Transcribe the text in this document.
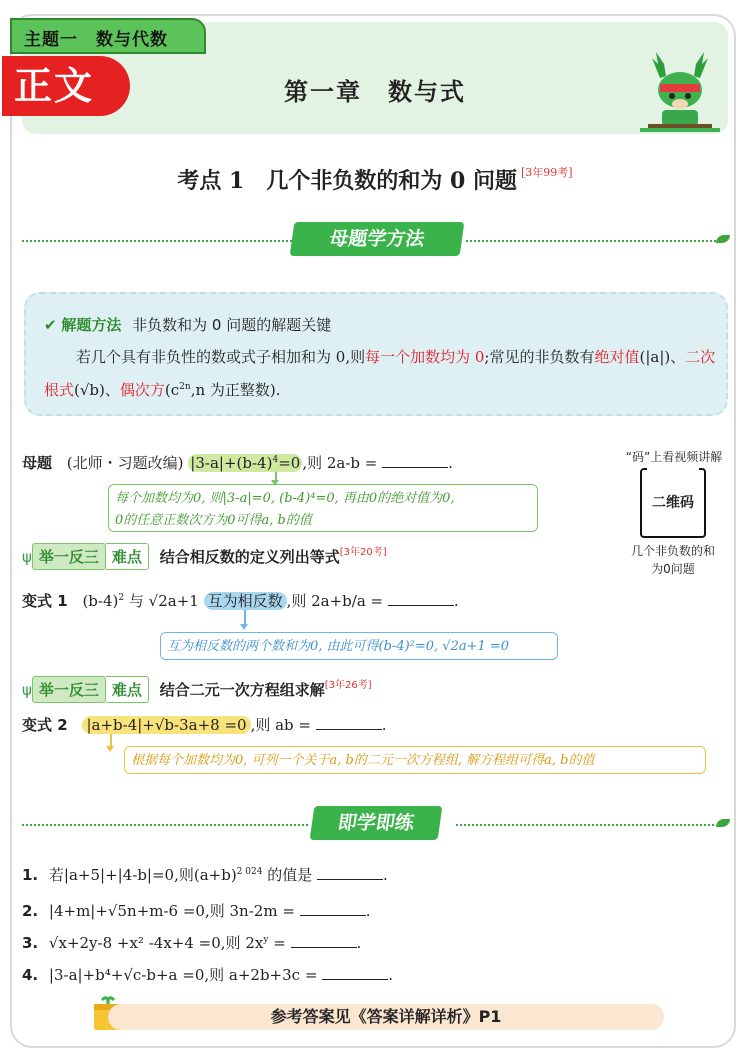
主题一　数与代数
正文	第一章　数与式
考点 1　几个非负数的和为 0 问题 [3年99考]
母题学方法
✔ 解题方法 非负数和为 0 问题的解题关键
若几个具有非负性的数或式子相加和为 0,则每一个加数均为 0;常见的非负数有绝对值(|a|)、二次根式(√b)、偶次方($c^{2n},n$ 为正整数).
母题 (北师・习题改编) $|3-a|+(b-4)^4=0$ ,则 2a-b =	.
每个加数均为0, 则|3-a|=0, (b-4)⁴=0, 再由0的绝对值为0,
0的任意正数次方为0可得a, b的值
“码”上看视频讲解
二维码
几个非负数的和
为0问题
ψ 举一反三 难点 结合相反数的定义列出等式[3年20考]
变式 1 $(b-4)^2$ 与 √2a+1 互为相反数 ,则 2a+b/a =	.
互为相反数的两个数和为0, 由此可得(b-4)²=0, √2a+1 =0
ψ 举一反三 难点 结合二元一次方程组求解[3年26考]
变式 2 |a+b-4|+√b-3a+8 =0 ,则 ab =	.
根据每个加数均为0, 可列一个关于a, b的二元一次方程组, 解方程组可得a, b的值
即学即练
1. 若|a+5|+|4-b|=0,则$(a+b)^{2 024}$ 的值是	.
2. |4+m|+√5n+m-6 =0,则 3n-2m =	.
3. √x+2y-8 +x² -4x+4 =0,则 $2x^y$ =	.
4. |3-a|+b⁴+√c-b+a =0,则 a+2b+3c =	.
参考答案见《答案详解详析》P1
